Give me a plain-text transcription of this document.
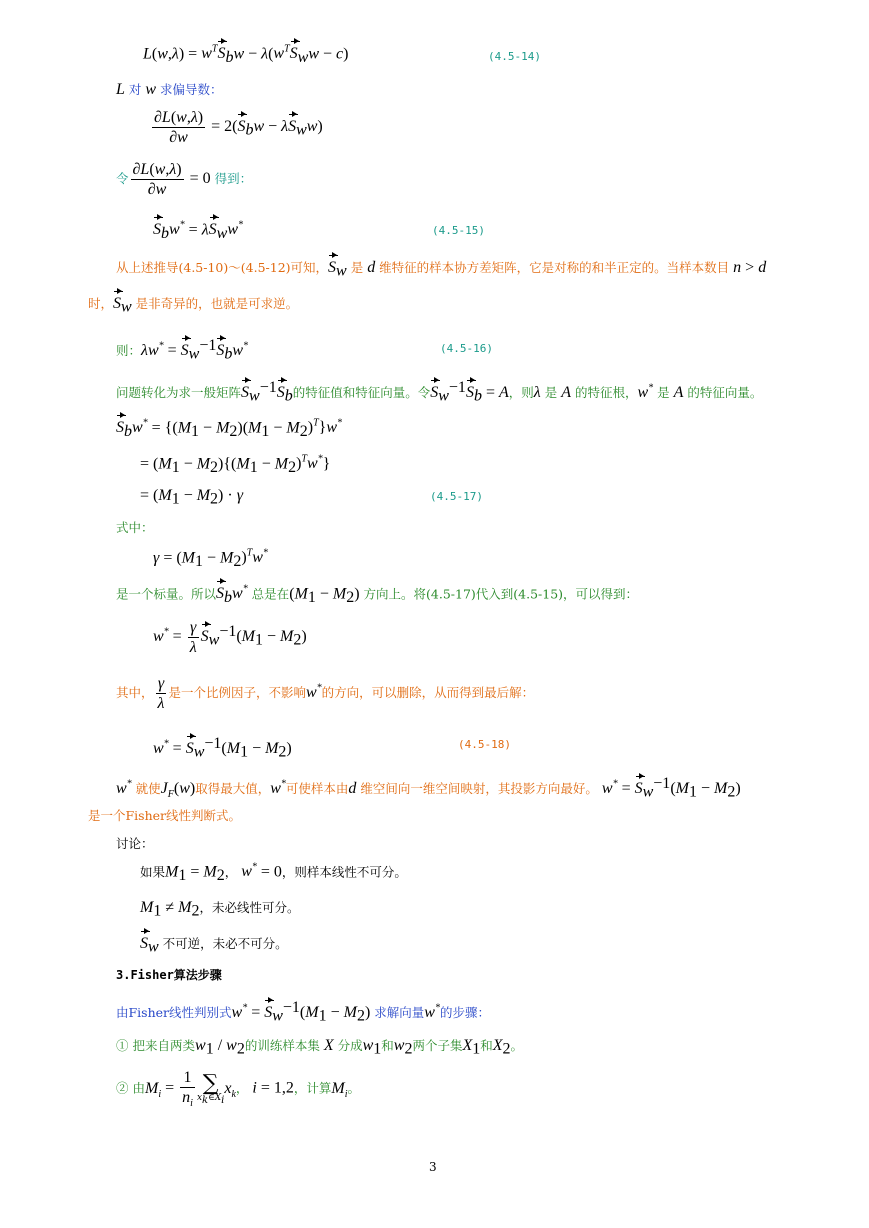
$L(w,\lambda) = w^TS_bw - \lambda(w^TS_ww - c)$	(4.5-14)
L 对 w 求偏导数：
$\frac{\partial L(w,\lambda)}{\partial w} = 2(S_bw - \lambda S_ww)$
令 $\frac{\partial L(w,\lambda)}{\partial w} = 0$ 得到：
$S_bw^* = \lambda S_ww^*$	(4.5-15)
从上述推导(4.5-10)～(4.5-12)可知，$S_w$ 是 d 维特征的样本协方差矩阵，它是对称的和半正定的。当样本数目 n > d
时，$S_w$ 是非奇异的，也就是可求逆。
则：$\lambda w^* = S_w^{-1}S_bw^*$	(4.5-16)
问题转化为求一般矩阵$S_w^{-1}S_b$的特征值和特征向量。令$S_w^{-1}S_b = A$，则λ 是 A 的特征根，w* 是 A 的特征向量。
$S_bw^* = \{(M_1 - M_2)(M_1 - M_2)^T\}w^*$
= $(M_1 - M_2)\{(M_1 - M_2)^Tw^*\}$
= $(M_1 - M_2) \cdot \gamma$	(4.5-17)
式中：
$\gamma = (M_1 - M_2)^Tw^*$
是一个标量。所以$S_bw^*$ 总是在$(M_1 - M_2)$ 方向上。将(4.5-17)代入到(4.5-15)，可以得到：
$w^* = \frac{\gamma}{\lambda} S_w^{-1}(M_1 - M_2)$
其中， $\frac{\gamma}{\lambda}$ 是一个比例因子，不影响w*的方向，可以删除，从而得到最后解：
$w^* = S_w^{-1}(M_1 - M_2)$	(4.5-18)
w* 就使$J_F(w)$取得最大值，w*可使样本由d 维空间向一维空间映射，其投影方向最好。 $w^* = S_w^{-1}(M_1 - M_2)$
是一个Fisher线性判断式。
讨论：
如果$M_1 = M_2$， w* = 0，则样本线性不可分。
$M_1 \ne M_2$，未必线性可分。
$S_w$ 不可逆，未必不可分。
3.Fisher算法步骤
由Fisher线性判别式$w^* = S_w^{-1}(M_1 - M_2)$ 求解向量w*的步骤：
① 把来自两类$w_1 / w_2$的训练样本集 X 分成$w_1$和$w_2$两个子集$X_1$和$X_2$。
② 由$M_i = \frac{1}{n_i}$ ∑
$x_k\in X_i$
$x_k$， i = 1,2，计算$M_i$。
3
